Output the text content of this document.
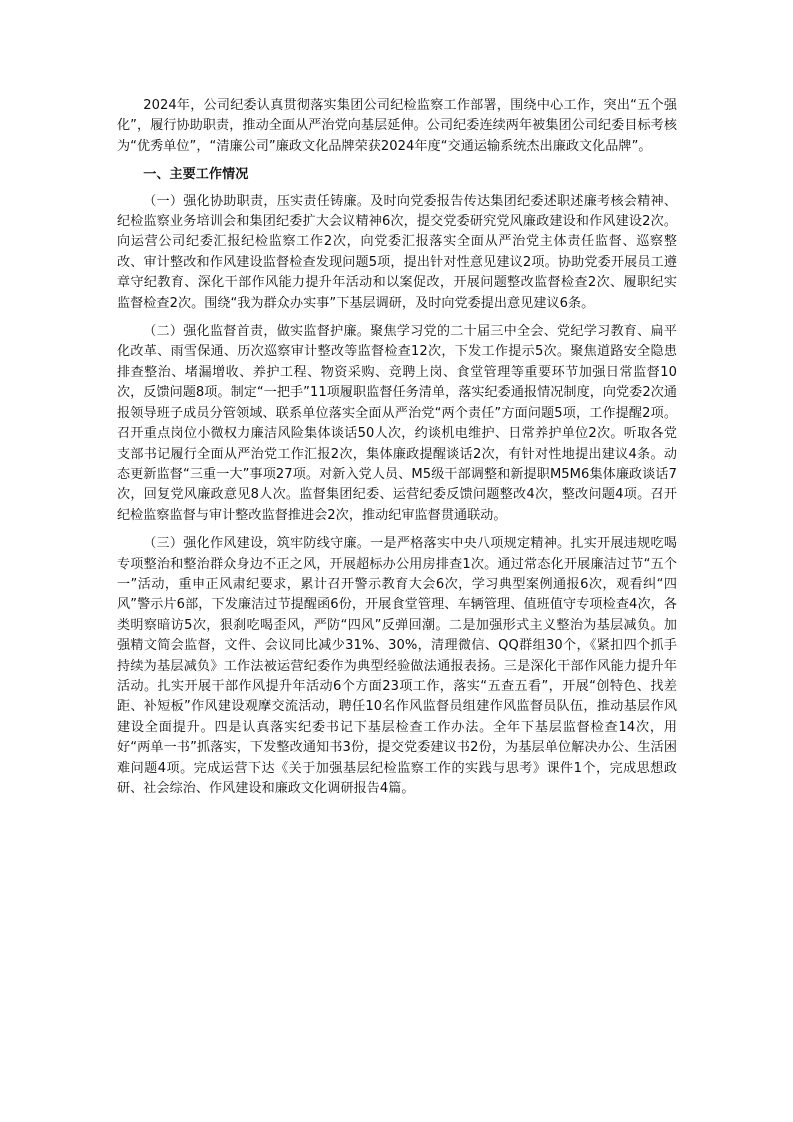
2024年，公司纪委认真贯彻落实集团公司纪检监察工作部署，围绕中心工作，突出“五个强化”，履行协助职责，推动全面从严治党向基层延伸。公司纪委连续两年被集团公司纪委目标考核为“优秀单位”，“清廉公司”廉政文化品牌荣获2024年度“交通运输系统杰出廉政文化品牌”。

一、主要工作情况

（一）强化协助职责，压实责任铸廉。及时向党委报告传达集团纪委述职述廉考核会精神、纪检监察业务培训会和集团纪委扩大会议精神6次，提交党委研究党风廉政建设和作风建设2次。向运营公司纪委汇报纪检监察工作2次，向党委汇报落实全面从严治党主体责任监督、巡察整改、审计整改和作风建设监督检查发现问题5项，提出针对性意见建议2项。协助党委开展员工遵章守纪教育、深化干部作风能力提升年活动和以案促改，开展问题整改监督检查2次、履职纪实监督检查2次。围绕“我为群众办实事”下基层调研，及时向党委提出意见建议6条。

（二）强化监督首责，做实监督护廉。聚焦学习党的二十届三中全会、党纪学习教育、扁平化改革、雨雪保通、历次巡察审计整改等监督检查12次，下发工作提示5次。聚焦道路安全隐患排查整治、堵漏增收、养护工程、物资采购、竞聘上岗、食堂管理等重要环节加强日常监督10次，反馈问题8项。制定“一把手”11项履职监督任务清单，落实纪委通报情况制度，向党委2次通报领导班子成员分管领域、联系单位落实全面从严治党“两个责任”方面问题5项，工作提醒2项。召开重点岗位小微权力廉洁风险集体谈话50人次，约谈机电维护、日常养护单位2次。听取各党支部书记履行全面从严治党工作汇报2次，集体廉政提醒谈话2次，有针对性地提出建议4条。动态更新监督“三重一大”事项27项。对新入党人员、M5级干部调整和新提职M5M6集体廉政谈话7次，回复党风廉政意见8人次。监督集团纪委、运营纪委反馈问题整改4次，整改问题4项。召开纪检监察监督与审计整改监督推进会2次，推动纪审监督贯通联动。

（三）强化作风建设，筑牢防线守廉。一是严格落实中央八项规定精神。扎实开展违规吃喝专项整治和整治群众身边不正之风，开展超标办公用房排查1次。通过常态化开展廉洁过节“五个一”活动，重申正风肃纪要求，累计召开警示教育大会6次，学习典型案例通报6次，观看纠“四风”警示片6部，下发廉洁过节提醒函6份，开展食堂管理、车辆管理、值班值守专项检查4次，各类明察暗访5次，狠刹吃喝歪风，严防“四风”反弹回潮。二是加强形式主义整治为基层减负。加强精文简会监督，文件、会议同比减少31%、30%，清理微信、QQ群组30个，《紧扣四个抓手 持续为基层减负》工作法被运营纪委作为典型经验做法通报表扬。三是深化干部作风能力提升年活动。扎实开展干部作风提升年活动6个方面23项工作，落实“五查五看”，开展“创特色、找差距、补短板”作风建设观摩交流活动，聘任10名作风监督员组建作风监督员队伍，推动基层作风建设全面提升。四是认真落实纪委书记下基层检查工作办法。全年下基层监督检查14次，用好“两单一书”抓落实，下发整改通知书3份，提交党委建议书2份，为基层单位解决办公、生活困难问题4项。完成运营下达《关于加强基层纪检监察工作的实践与思考》课件1个，完成思想政研、社会综治、作风建设和廉政文化调研报告4篇。
